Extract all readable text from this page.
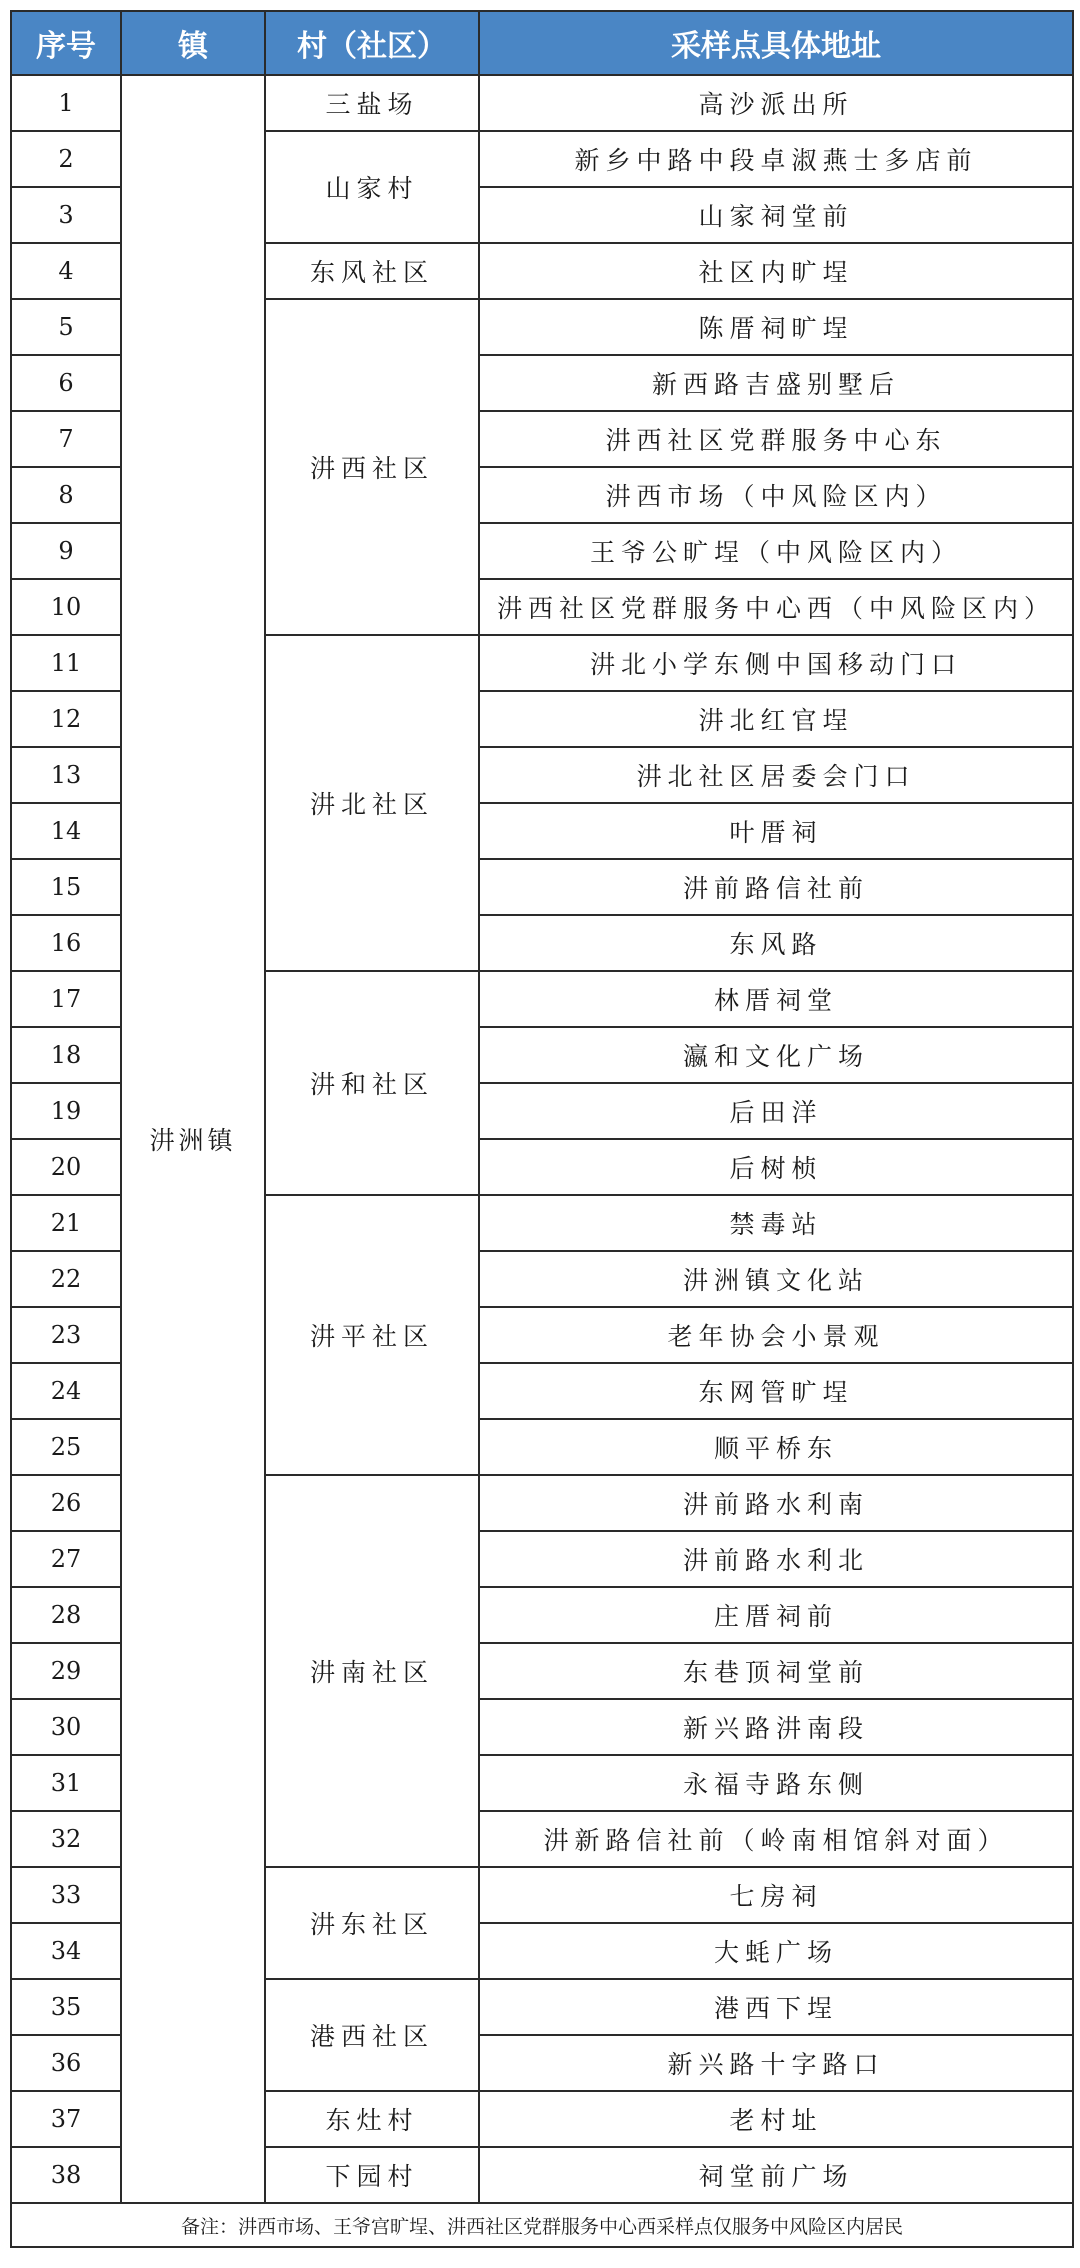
序号	镇	村（社区）	采样点具体地址
1	汫洲镇	三盐场	高沙派出所
2		山家村	新乡中路中段卓淑燕士多店前
3			山家祠堂前
4		东风社区	社区内旷埕
5		汫西社区	陈厝祠旷埕
6			新西路吉盛别墅后
7			汫西社区党群服务中心东
8			汫西市场（中风险区内）
9			王爷公旷埕（中风险区内）
10			汫西社区党群服务中心西（中风险区内）
11		汫北社区	汫北小学东侧中国移动门口
12			汫北红官埕
13			汫北社区居委会门口
14			叶厝祠
15			汫前路信社前
16			东风路
17		汫和社区	林厝祠堂
18			瀛和文化广场
19			后田洋
20			后树桢
21		汫平社区	禁毒站
22			汫洲镇文化站
23			老年协会小景观
24			东网管旷埕
25			顺平桥东
26		汫南社区	汫前路水利南
27			汫前路水利北
28			庄厝祠前
29			东巷顶祠堂前
30			新兴路汫南段
31			永福寺路东侧
32			汫新路信社前（岭南相馆斜对面）
33		汫东社区	七房祠
34			大蚝广场
35		港西社区	港西下埕
36			新兴路十字路口
37		东灶村	老村址
38		下园村	祠堂前广场
备注：汫西市场、王爷宫旷埕、汫西社区党群服务中心西采样点仅服务中风险区内居民			
